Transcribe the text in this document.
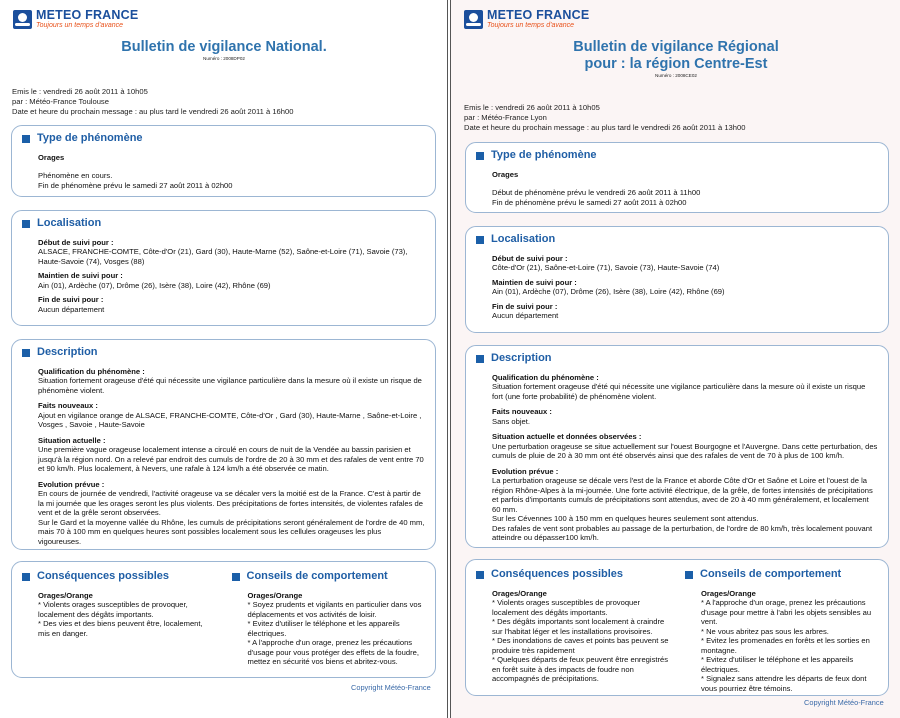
METEO FRANCE
Toujours un temps d'avance
Bulletin de vigilance National.
Numéro : 2008DP02
Emis le : vendredi 26 août 2011 à 10h05
par : Météo-France Toulouse
Date et heure du prochain message : au plus tard le vendredi 26 août 2011 à 16h00
Type de phénomène
Orages
Phénomène en cours.
Fin de phénomène prévu le samedi 27 août 2011 à 02h00
Localisation
Début de suivi pour :
ALSACE, FRANCHE-COMTE, Côte-d'Or (21), Gard (30), Haute-Marne (52), Saône-et-Loire (71), Savoie (73), Haute-Savoie (74), Vosges (88)
Maintien de suivi pour :
Ain (01), Ardèche (07), Drôme (26), Isère (38), Loire (42), Rhône (69)
Fin de suivi pour :
Aucun département
Description
Qualification du phénomène :
Situation fortement orageuse d'été qui nécessite une vigilance particulière dans la mesure où il existe un risque de phénomène violent.
Faits nouveaux :
Ajout en vigilance orange de ALSACE, FRANCHE-COMTE, Côte-d'Or , Gard (30), Haute-Marne , Saône-et-Loire , Vosges , Savoie , Haute-Savoie
Situation actuelle :
Une première vague orageuse localement intense a circulé en cours de nuit de la Vendée au bassin parisien et jusqu'à la région nord. On a relevé par endroit des cumuls de l'ordre de 20 à 30 mm et des rafales de vent entre 70 et 90 km/h. Plus localement, à Nevers, une rafale à 124 km/h a été observée ce matin.
Evolution prévue :
En cours de journée de vendredi, l'activité orageuse va se décaler vers la moitié est de la France. C'est à partir de la mi journée que les orages seront les plus violents. Des précipitations de fortes intensités, de violentes rafales de vent et de la grêle seront observées.
Sur le Gard et la moyenne vallée du Rhône, les cumuls de précipitations seront généralement de l'ordre de 40 mm, mais 70 à 100 mm en quelques heures sont possibles localement sous les cellules orageuses les plus vigoureuses.
Conséquences possibles
Orages/Orange
* Violents orages susceptibles de provoquer, localement des dégâts importants.
* Des vies et des biens peuvent être, localement, mis en danger.
Conseils de comportement
Orages/Orange
* Soyez prudents et vigilants en particulier dans vos déplacements et vos activités de loisir.
* Evitez d'utiliser le téléphone et les appareils électriques.
* A l'approche d'un orage, prenez les précautions d'usage pour vous protéger des effets de la foudre, mettez en sécurité vos biens et abritez-vous.
Copyright Météo-France
METEO FRANCE
Toujours un temps d'avance
Bulletin de vigilance Régional
pour : la région Centre-Est
Numéro : 2008CE02
Emis le : vendredi 26 août 2011 à 10h05
par : Météo-France Lyon
Date et heure du prochain message : au plus tard le vendredi 26 août 2011 à 13h00
Type de phénomène
Orages
Début de phénomène prévu le vendredi 26 août 2011 à 11h00
Fin de phénomène prévu le samedi 27 août 2011 à 02h00
Localisation
Début de suivi pour :
Côte-d'Or (21), Saône-et-Loire (71), Savoie (73), Haute-Savoie (74)
Maintien de suivi pour :
Ain (01), Ardèche (07), Drôme (26), Isère (38), Loire (42), Rhône (69)
Fin de suivi pour :
Aucun département
Description
Qualification du phénomène :
Situation fortement orageuse d'été qui nécessite une vigilance particulière dans la mesure où il existe un risque fort (une forte probabilité) de phénomène violent.
Faits nouveaux :
Sans objet.
Situation actuelle et données observées :
Une perturbation orageuse se situe actuellement sur l'ouest Bourgogne et l'Auvergne. Dans cette perturbation, des cumuls de pluie de 20 à 30 mm ont été observés ainsi que des rafales de vent de 70 à plus de 100 km/h.
Evolution prévue :
La perturbation orageuse se décale vers l'est de la France et aborde Côte d'Or et Saône et Loire et l'ouest de la région Rhône-Alpes à la mi-journée. Une forte activité électrique, de la grêle, de fortes intensités de précipitations et parfois d'importants cumuls de précipitations sont attendus, avec de 20 à 40 mm généralement, et localement 60 mm.
Sur les Cévennes 100 à 150 mm en quelques heures seulement sont attendus.
Des rafales de vent sont probables au passage de la perturbation, de l'ordre de 80 km/h, très localement pouvant atteindre ou dépasser100 km/h.
Conséquences possibles
Orages/Orange
* Violents orages susceptibles de provoquer localement des dégâts importants.
* Des dégâts importants sont localement à craindre sur l'habitat léger et les installations provisoires.
* Des inondations de caves et points bas peuvent se produire très rapidement
* Quelques départs de feux peuvent être enregistrés en forêt suite à des impacts de foudre non accompagnés de précipitations.
Conseils de comportement
Orages/Orange
* A l'approche d'un orage, prenez les précautions d'usage pour mettre à l'abri les objets sensibles au vent.
* Ne vous abritez pas sous les arbres.
* Evitez les promenades en forêts et les sorties en montagne.
* Evitez d'utiliser le téléphone et les appareils électriques.
* Signalez sans attendre les départs de feux dont vous pourriez être témoins.
Copyright Météo-France
